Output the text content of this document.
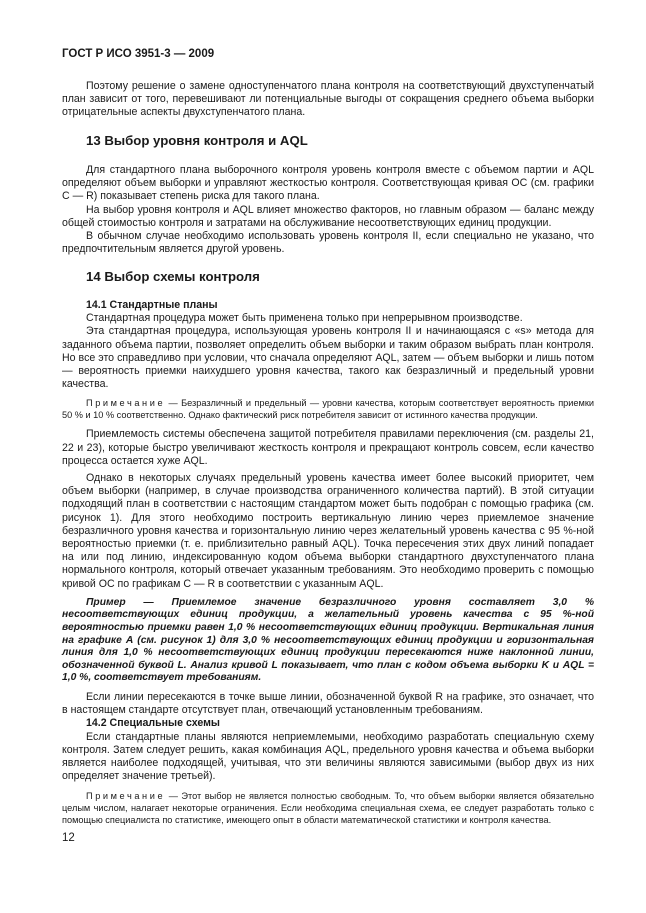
ГОСТ Р ИСО 3951-3 — 2009

Поэтому решение о замене одноступенчатого плана контроля на соответствующий двухступенчатый план зависит от того, перевешивают ли потенциальные выгоды от сокращения среднего объема выборки отрицательные аспекты двухступенчатого плана.

13 Выбор уровня контроля и AQL

Для стандартного плана выборочного контроля уровень контроля вместе с объемом партии и AQL определяют объем выборки и управляют жесткостью контроля. Соответствующая кривая ОС (см. графики С — R) показывает степень риска для такого плана.

На выбор уровня контроля и AQL влияет множество факторов, но главным образом — баланс между общей стоимостью контроля и затратами на обслуживание несоответствующих единиц продукции.

В обычном случае необходимо использовать уровень контроля II, если специально не указано, что предпочтительным является другой уровень.

14 Выбор схемы контроля
14.1 Стандартные планы

Стандартная процедура может быть применена только при непрерывном производстве.

Эта стандартная процедура, использующая уровень контроля II и начинающаяся с «s» метода для заданного объема партии, позволяет определить объем выборки и таким образом выбрать план контроля. Но все это справедливо при условии, что сначала определяют AQL, затем — объем выборки и лишь потом — вероятность приемки наихудшего уровня качества, такого как безразличный и предельный уровни качества.

Примечание — Безразличный и предельный — уровни качества, которым соответствует вероятность приемки 50 % и 10 % соответственно. Однако фактический риск потребителя зависит от истинного качества продукции.

Приемлемость системы обеспечена защитой потребителя правилами переключения (см. разделы 21, 22 и 23), которые быстро увеличивают жесткость контроля и прекращают контроль совсем, если качество процесса остается хуже AQL.

Однако в некоторых случаях предельный уровень качества имеет более высокий приоритет, чем объем выборки (например, в случае производства ограниченного количества партий). В этой ситуации подходящий план в соответствии с настоящим стандартом может быть подобран с помощью графика (см. рисунок 1). Для этого необходимо построить вертикальную линию через приемлемое значение безразличного уровня качества и горизонтальную линию через желательный уровень качества с 95 %-ной вероятностью приемки (т. е. приблизительно равный AQL). Точка пересечения этих двух линий попадает на или под линию, индексированную кодом объема выборки стандартного двухступенчатого плана нормального контроля, который отвечает указанным требованиям. Это необходимо проверить с помощью кривой ОС по графикам С — R в соответствии с указанным AQL.

Пример — Приемлемое значение безразличного уровня составляет 3,0 % несоответствующих единиц продукции, а желательный уровень качества с 95 %-ной вероятностью приемки равен 1,0 % несоответствующих единиц продукции. Вертикальная линия на графике А (см. рисунок 1) для 3,0 % несоответствующих единиц продукции и горизонтальная линия для 1,0 % несоответствующих единиц продукции пересекаются ниже наклонной линии, обозначенной буквой L. Анализ кривой L показывает, что план с кодом объема выборки K и AQL = 1,0 %, соответствует требованиям.

Если линии пересекаются в точке выше линии, обозначенной буквой R на графике, это означает, что в настоящем стандарте отсутствует план, отвечающий установленным требованиям.

14.2 Специальные схемы

Если стандартные планы являются неприемлемыми, необходимо разработать специальную схему контроля. Затем следует решить, какая комбинация AQL, предельного уровня качества и объема выборки является наиболее подходящей, учитывая, что эти величины являются зависимыми (выбор двух из них определяет значение третьей).

Примечание — Этот выбор не является полностью свободным. То, что объем выборки является обязательно целым числом, налагает некоторые ограничения. Если необходима специальная схема, ее следует разработать только с помощью специалиста по статистике, имеющего опыт в области математической статистики и контроля качества.

12
